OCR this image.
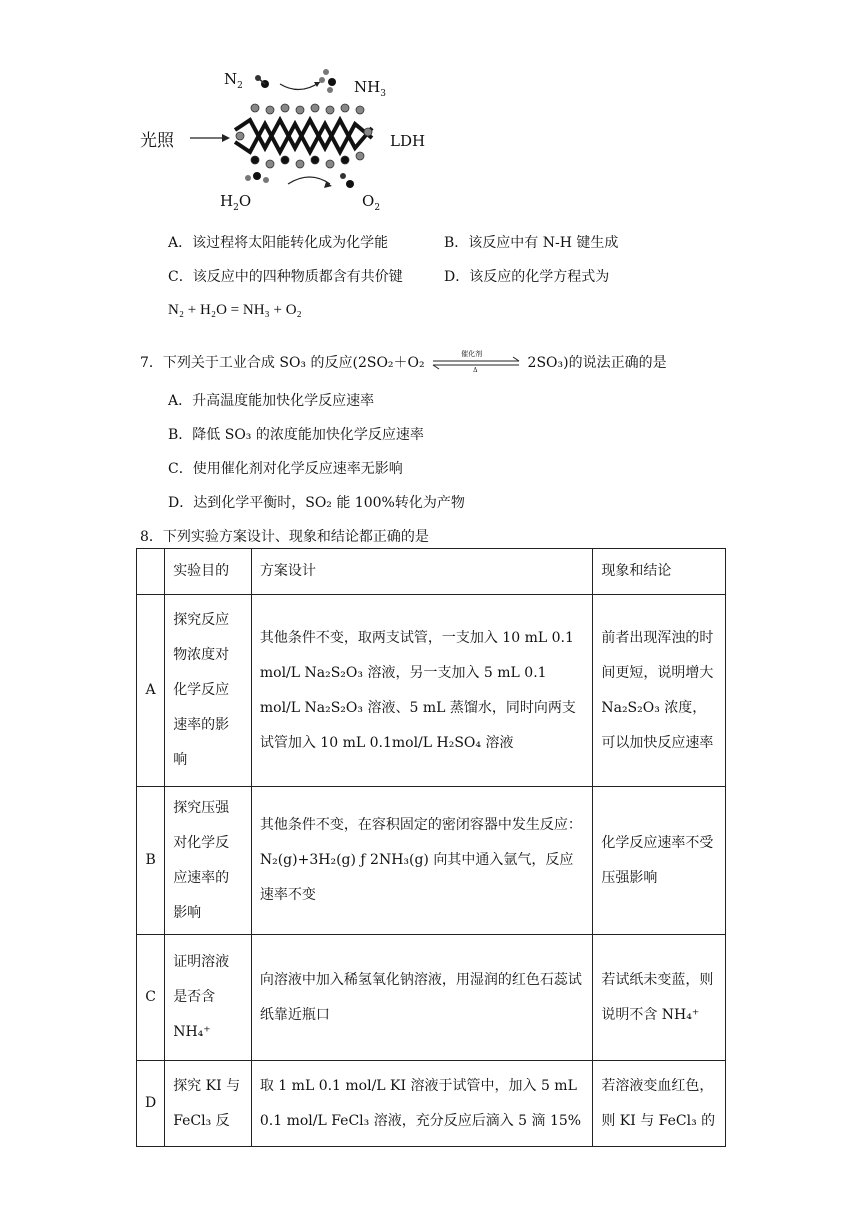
$N_2$	$NH_3$
光照	LDH
$H_2O$	$O_2$
A．该过程将太阳能转化成为化学能	B．该反应中有 N-H 键生成
C．该反应中的四种物质都含有共价键	D．该反应的化学方程式为
N₂ + H₂O = NH₃ + O₂
7．下列关于工业合成 SO₃ 的反应(2SO₂＋O₂
催化剂
Δ	2SO₃)的说法正确的是
A．升高温度能加快化学反应速率
B．降低 SO₃ 的浓度能加快化学反应速率
C．使用催化剂对化学反应速率无影响
D．达到化学平衡时，SO₂ 能 100%转化为产物
8．下列实验方案设计、现象和结论都正确的是
	实验目的	方案设计	现象和结论
A	探究反应物浓度对化学反应速率的影响	其他条件不变，取两支试管，一支加入 10 mL 0.1 mol/L Na₂S₂O₃ 溶液，另一支加入 5 mL 0.1 mol/L Na₂S₂O₃ 溶液、5 mL 蒸馏水，同时向两支试管加入 10 mL 0.1mol/L H₂SO₄ 溶液	前者出现浑浊的时间更短，说明增大 Na₂S₂O₃ 浓度，可以加快反应速率
B	探究压强对化学反应速率的影响	其他条件不变，在容积固定的密闭容器中发生反应：N₂(g)+3H₂(g) ƒ 2NH₃(g) 向其中通入氩气，反应速率不变	化学反应速率不受压强影响
C	证明溶液是否含 NH₄⁺	向溶液中加入稀氢氧化钠溶液，用湿润的红色石蕊试纸靠近瓶口	若试纸未变蓝，则说明不含 NH₄⁺
D	探究 KI 与 FeCl₃ 反	取 1 mL 0.1 mol/L KI 溶液于试管中，加入 5 mL 0.1 mol/L FeCl₃ 溶液，充分反应后滴入 5 滴 15%	若溶液变血红色，则 KI 与 FeCl₃ 的
